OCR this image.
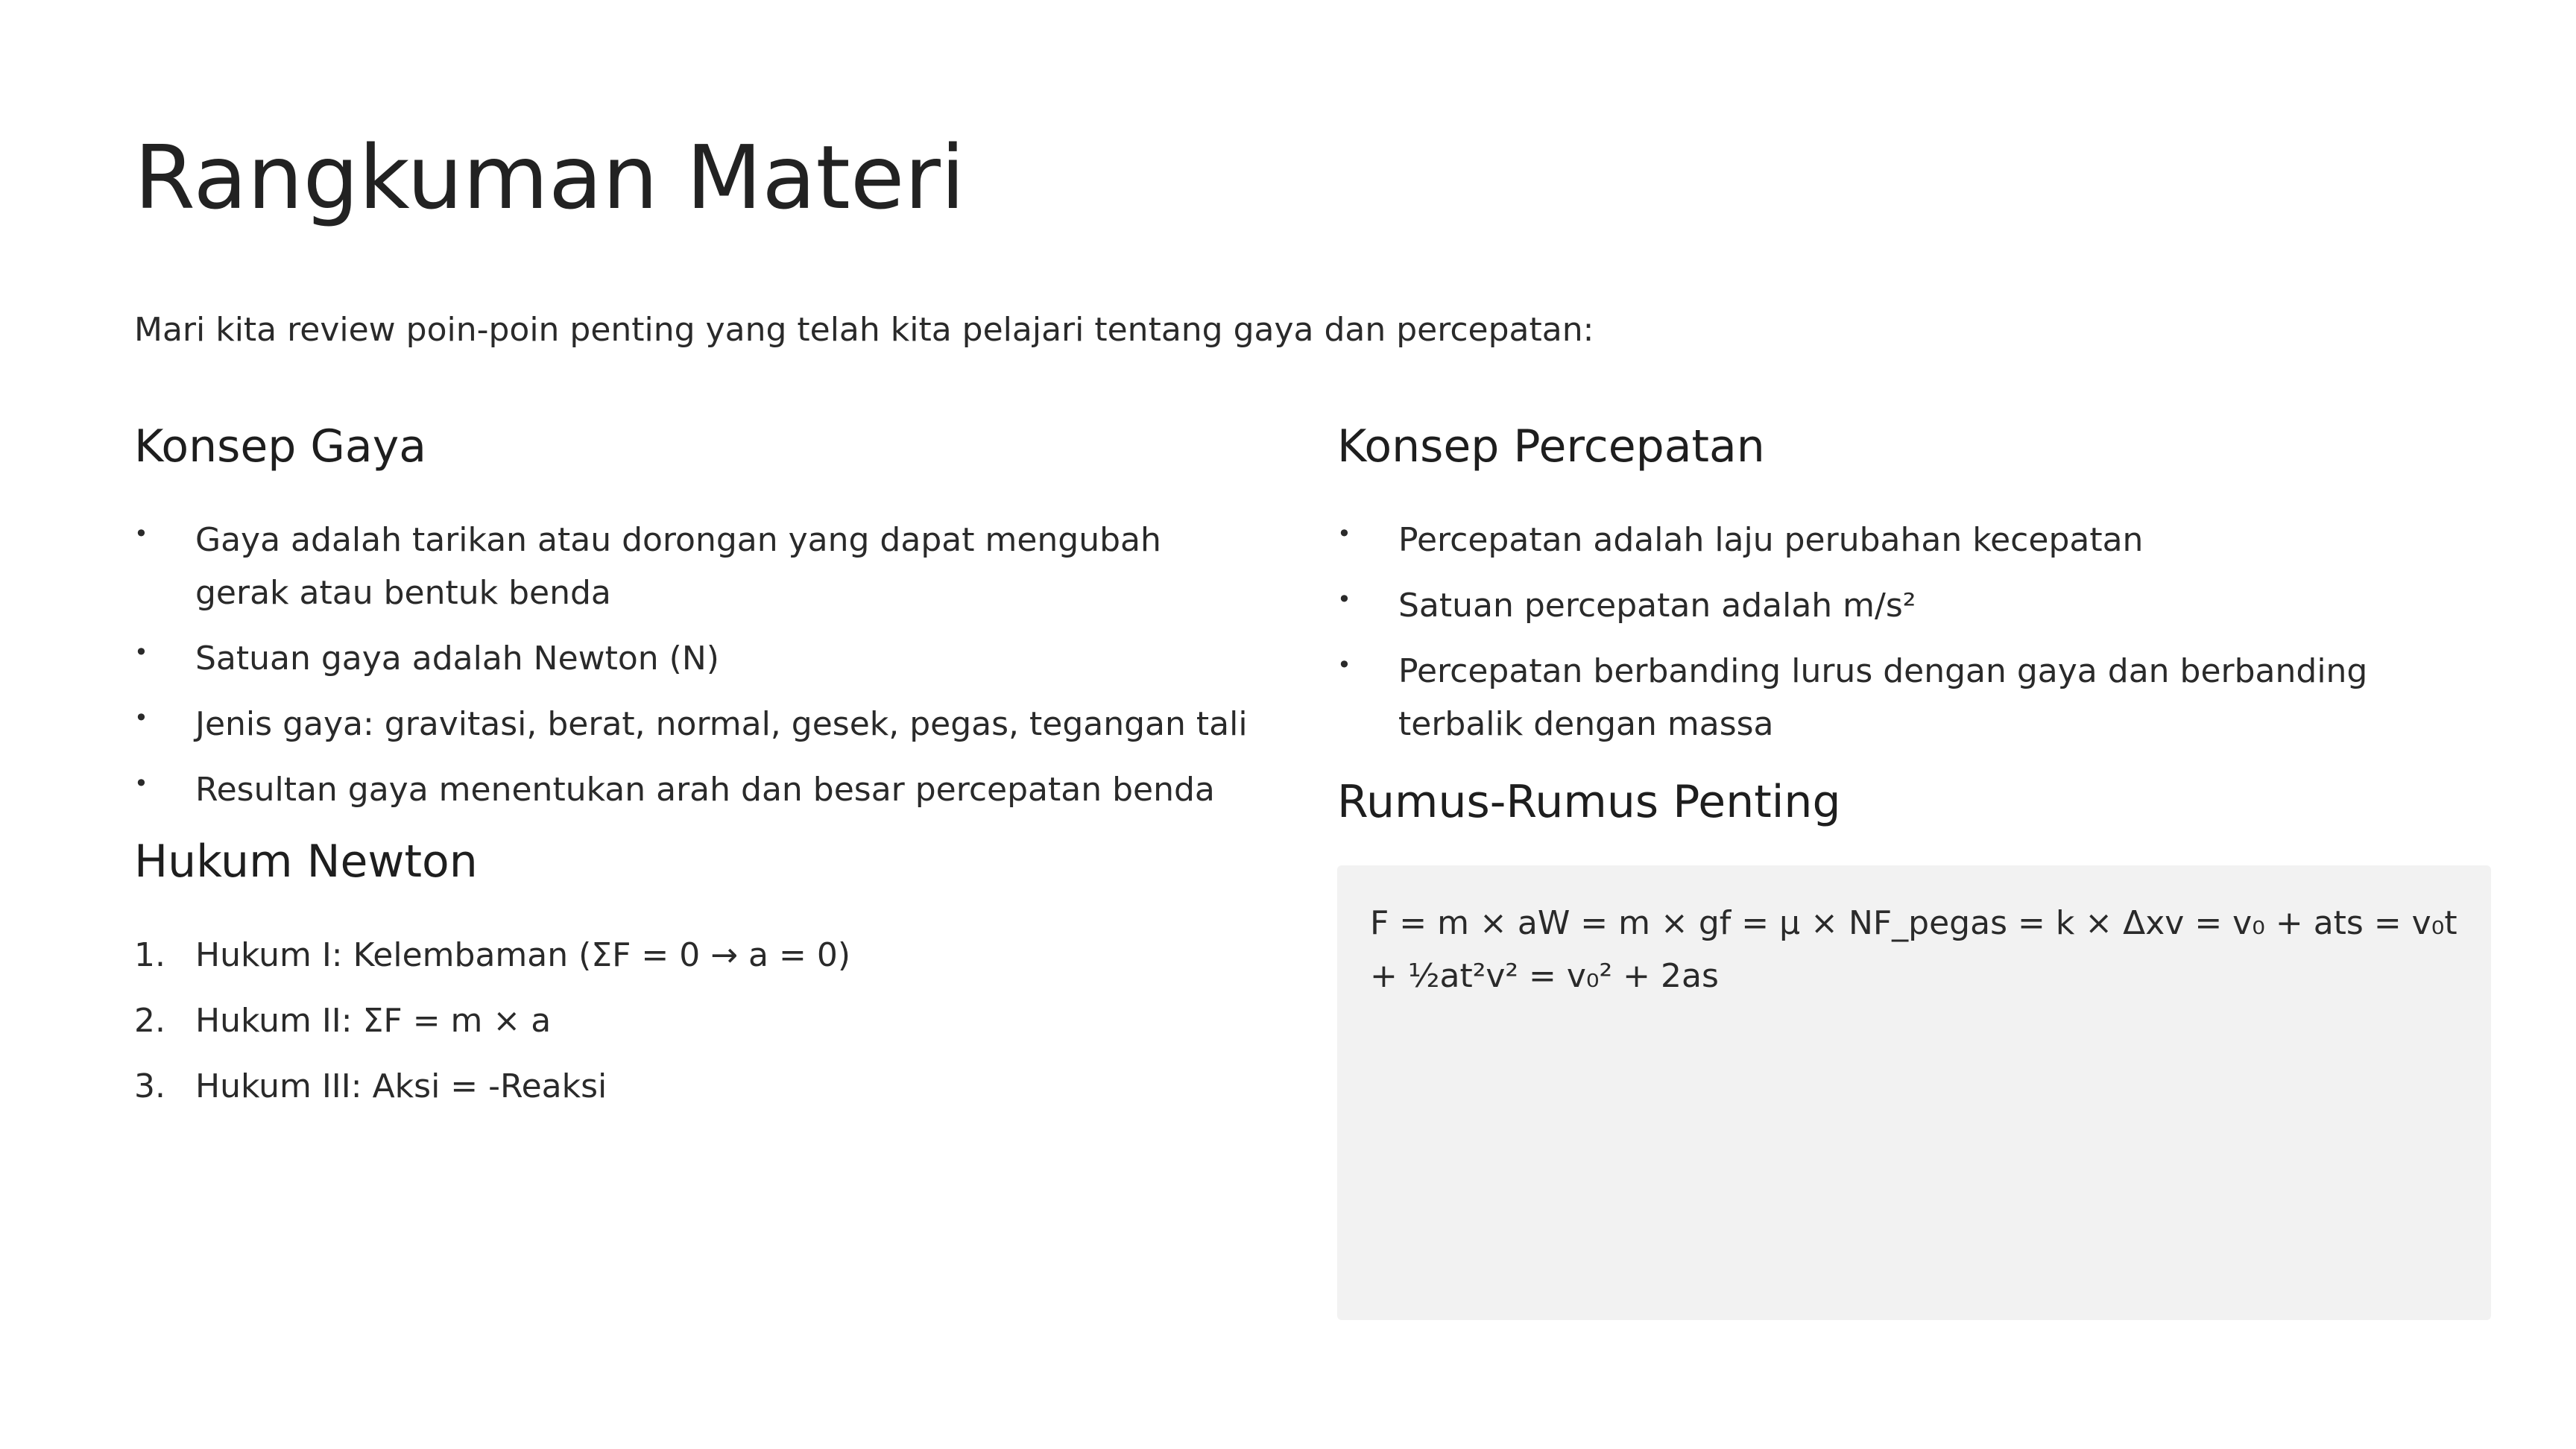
Rangkuman Materi

Mari kita review poin-poin penting yang telah kita pelajari tentang gaya dan percepatan:

Konsep Gaya
• Gaya adalah tarikan atau dorongan yang dapat mengubah gerak atau bentuk benda
• Satuan gaya adalah Newton (N)
• Jenis gaya: gravitasi, berat, normal, gesek, pegas, tegangan tali
• Resultan gaya menentukan arah dan besar percepatan benda
Hukum Newton
1. Hukum I: Kelembaman (ΣF = 0 → a = 0)
2. Hukum II: ΣF = m × a
3. Hukum III: Aksi = -Reaksi
Konsep Percepatan
• Percepatan adalah laju perubahan kecepatan
• Satuan percepatan adalah m/s²
• Percepatan berbanding lurus dengan gaya dan berbanding terbalik dengan massa
Rumus-Rumus Penting
F = m × aW = m × gf = μ × NF_pegas = k × Δxv = v₀ + ats = v₀t + ½at²v² = v₀² + 2as
